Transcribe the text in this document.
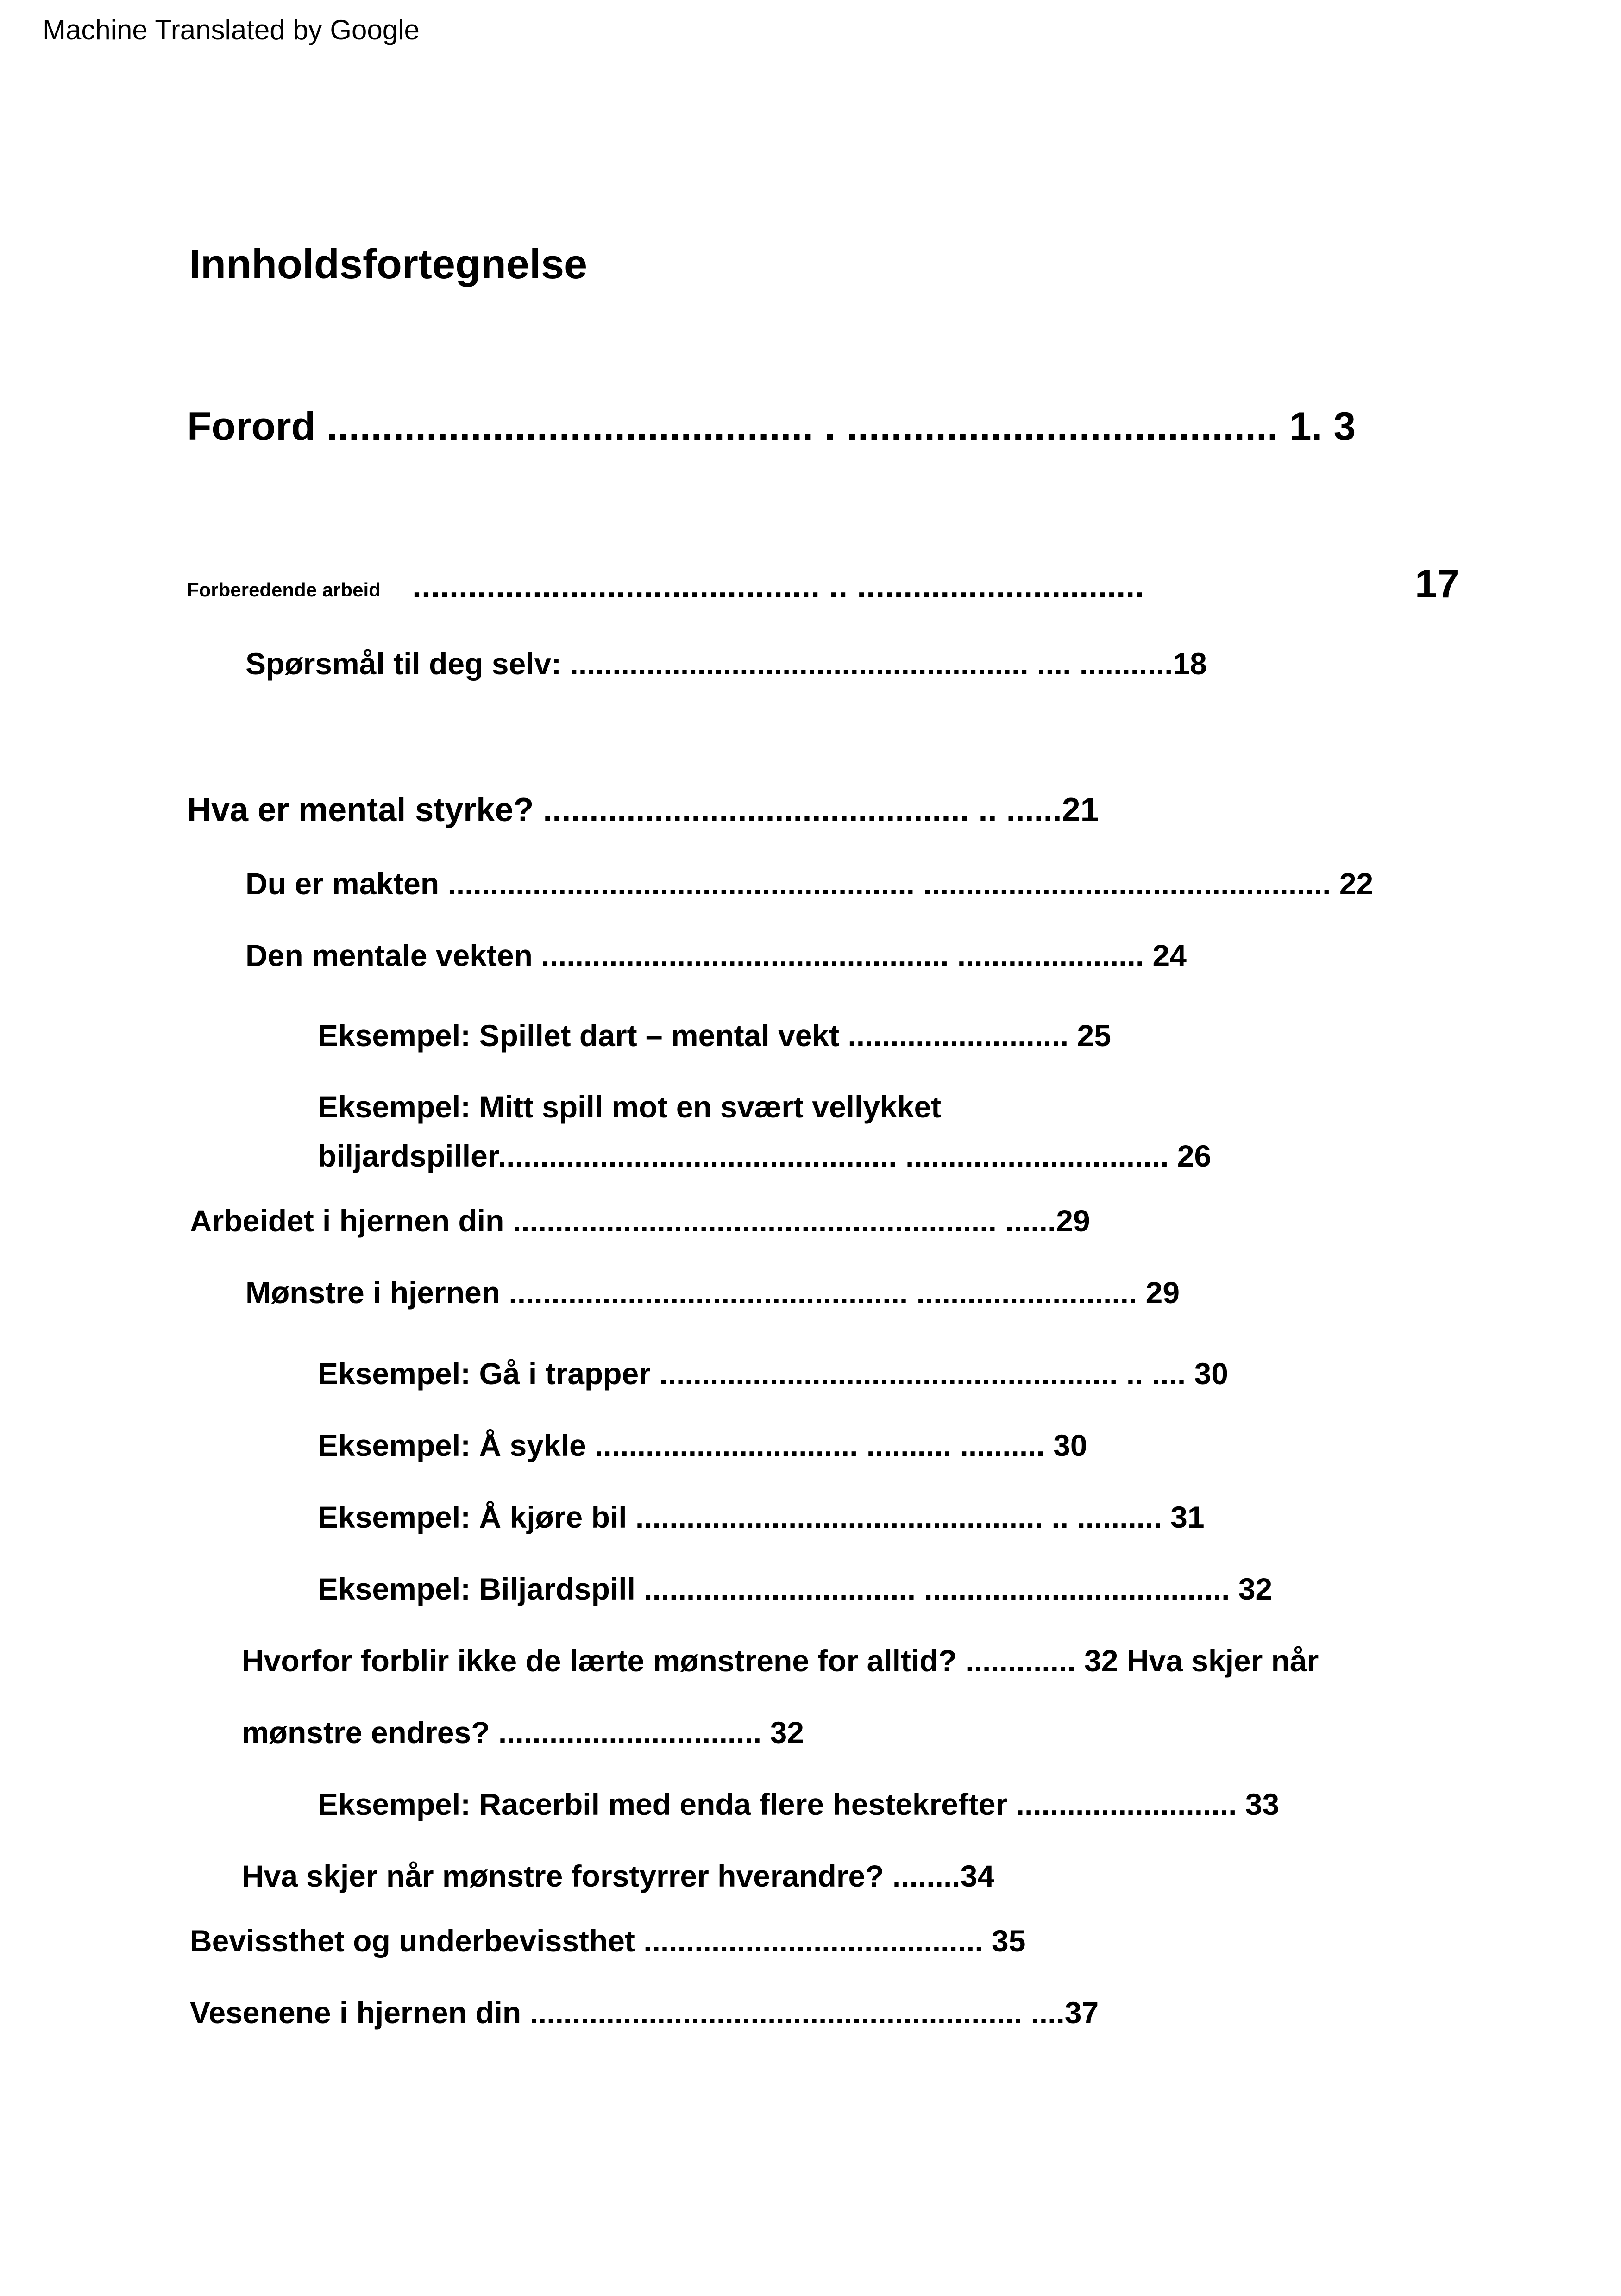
Machine Translated by Google
Innholdsfortegnelse
Forord ............................................ . ....................................... 1. 3
Forberedende arbeid ............................................ .. ...............................	17
Spørsmål til deg selv: ...................................................... .... ...........18
Hva er mental styrke? .............................................. .. ......21
Du er makten ....................................................... ................................................ 22
Den mentale vekten ................................................ ...................... 24
Eksempel: Spillet dart – mental vekt .......................... 25
Eksempel: Mitt spill mot en svært vellykket
biljardspiller............................................... ............................... 26
Arbeidet i hjernen din ......................................................... ......29
Mønstre i hjernen ............................................... .......................... 29
Eksempel: Gå i trapper ...................................................... .. .... 30
Eksempel: Å sykle ............................... .......... .......... 30
Eksempel: Å kjøre bil ................................................ .. .......... 31
Eksempel: Biljardspill ................................ .................................... 32
Hvorfor forblir ikke de lærte mønstrene for alltid? ............. 32 Hva skjer når
mønstre endres? ............................... 32
Eksempel: Racerbil med enda flere hestekrefter .......................... 33
Hva skjer når mønstre forstyrrer hverandre? ........34
Bevissthet og underbevissthet ........................................ 35
Vesenene i hjernen din .......................................................... ....37
